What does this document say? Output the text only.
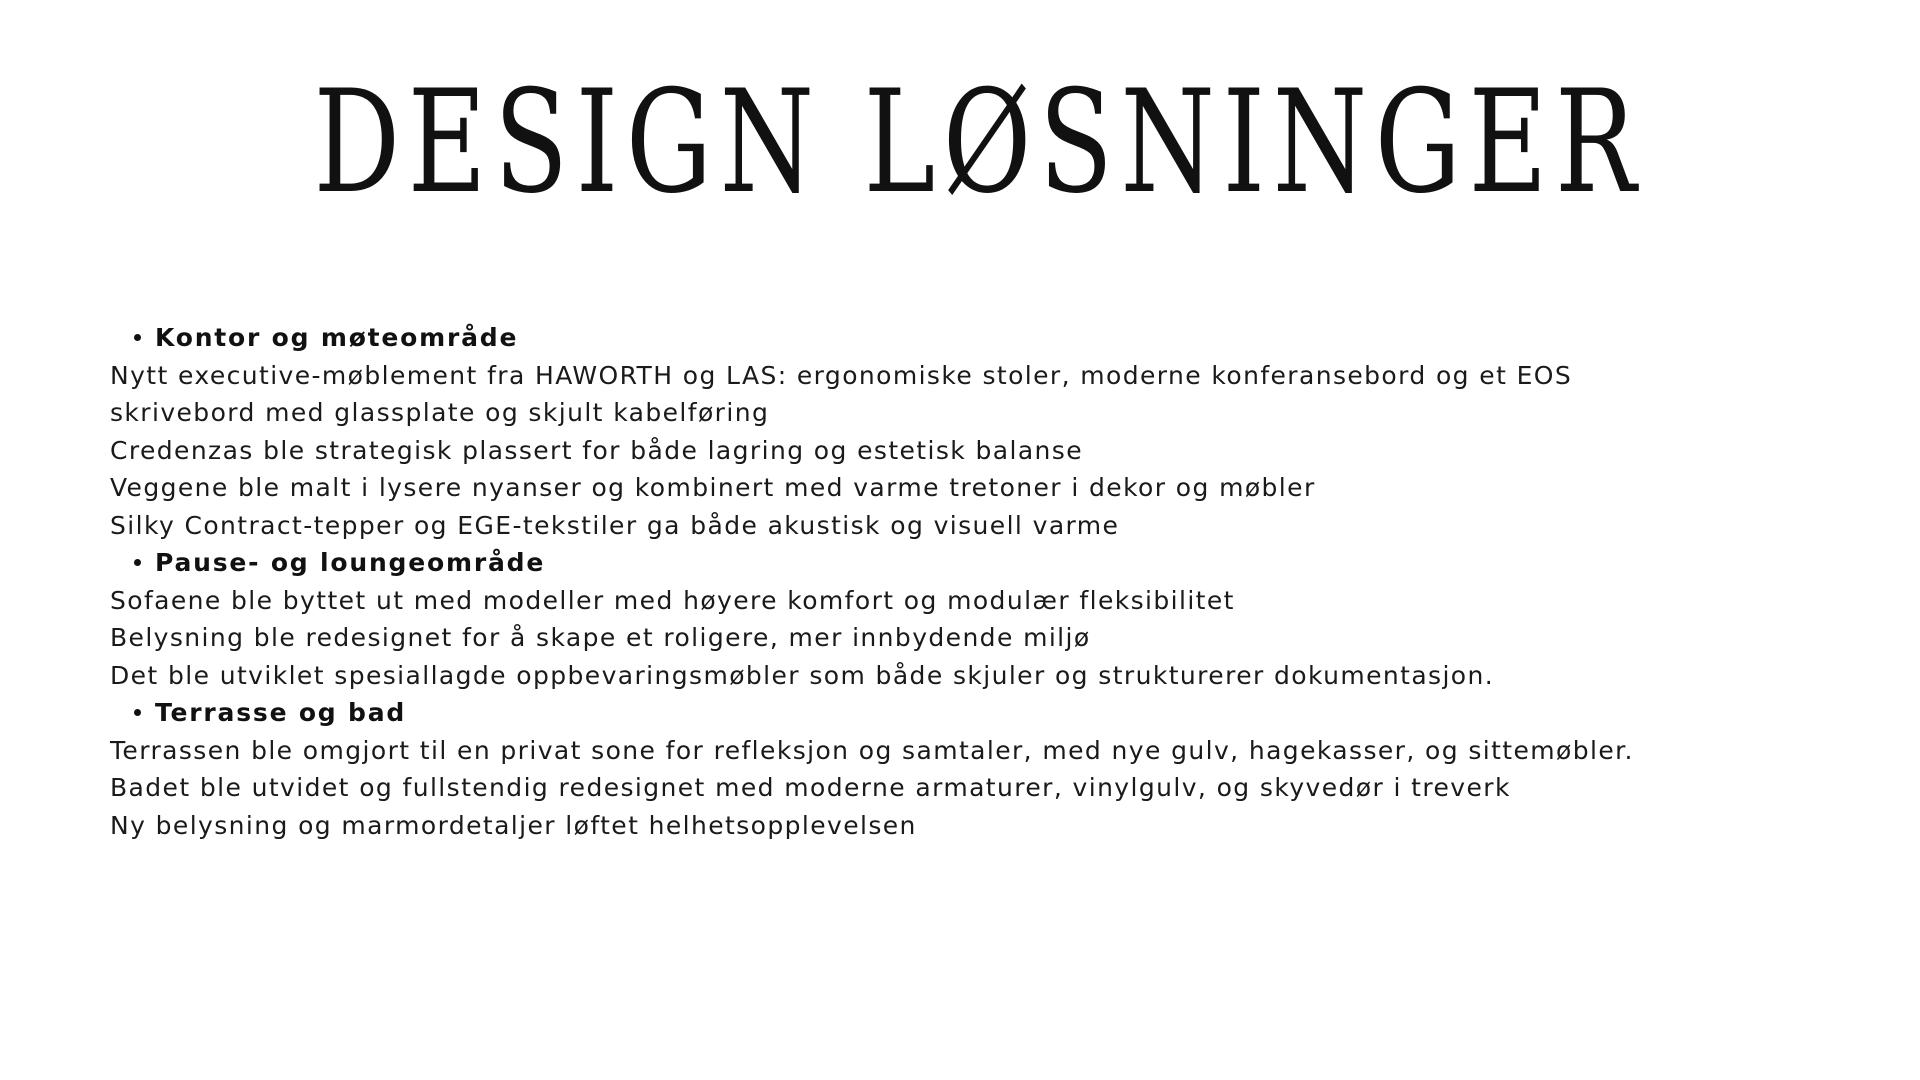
DESIGN LØSNINGER
Kontor og møteområde
Nytt executive-møblement fra HAWORTH og LAS: ergonomiske stoler, moderne konferansebord og et EOS
skrivebord med glassplate og skjult kabelføring
Credenzas ble strategisk plassert for både lagring og estetisk balanse
Veggene ble malt i lysere nyanser og kombinert med varme tretoner i dekor og møbler
Silky Contract-tepper og EGE-tekstiler ga både akustisk og visuell varme
Pause- og loungeområde
Sofaene ble byttet ut med modeller med høyere komfort og modulær fleksibilitet
Belysning ble redesignet for å skape et roligere, mer innbydende miljø
Det ble utviklet spesiallagde oppbevaringsmøbler som både skjuler og strukturerer dokumentasjon.
Terrasse og bad
Terrassen ble omgjort til en privat sone for refleksjon og samtaler, med nye gulv, hagekasser, og sittemøbler.
Badet ble utvidet og fullstendig redesignet med moderne armaturer, vinylgulv, og skyvedør i treverk
Ny belysning og marmordetaljer løftet helhetsopplevelsen
